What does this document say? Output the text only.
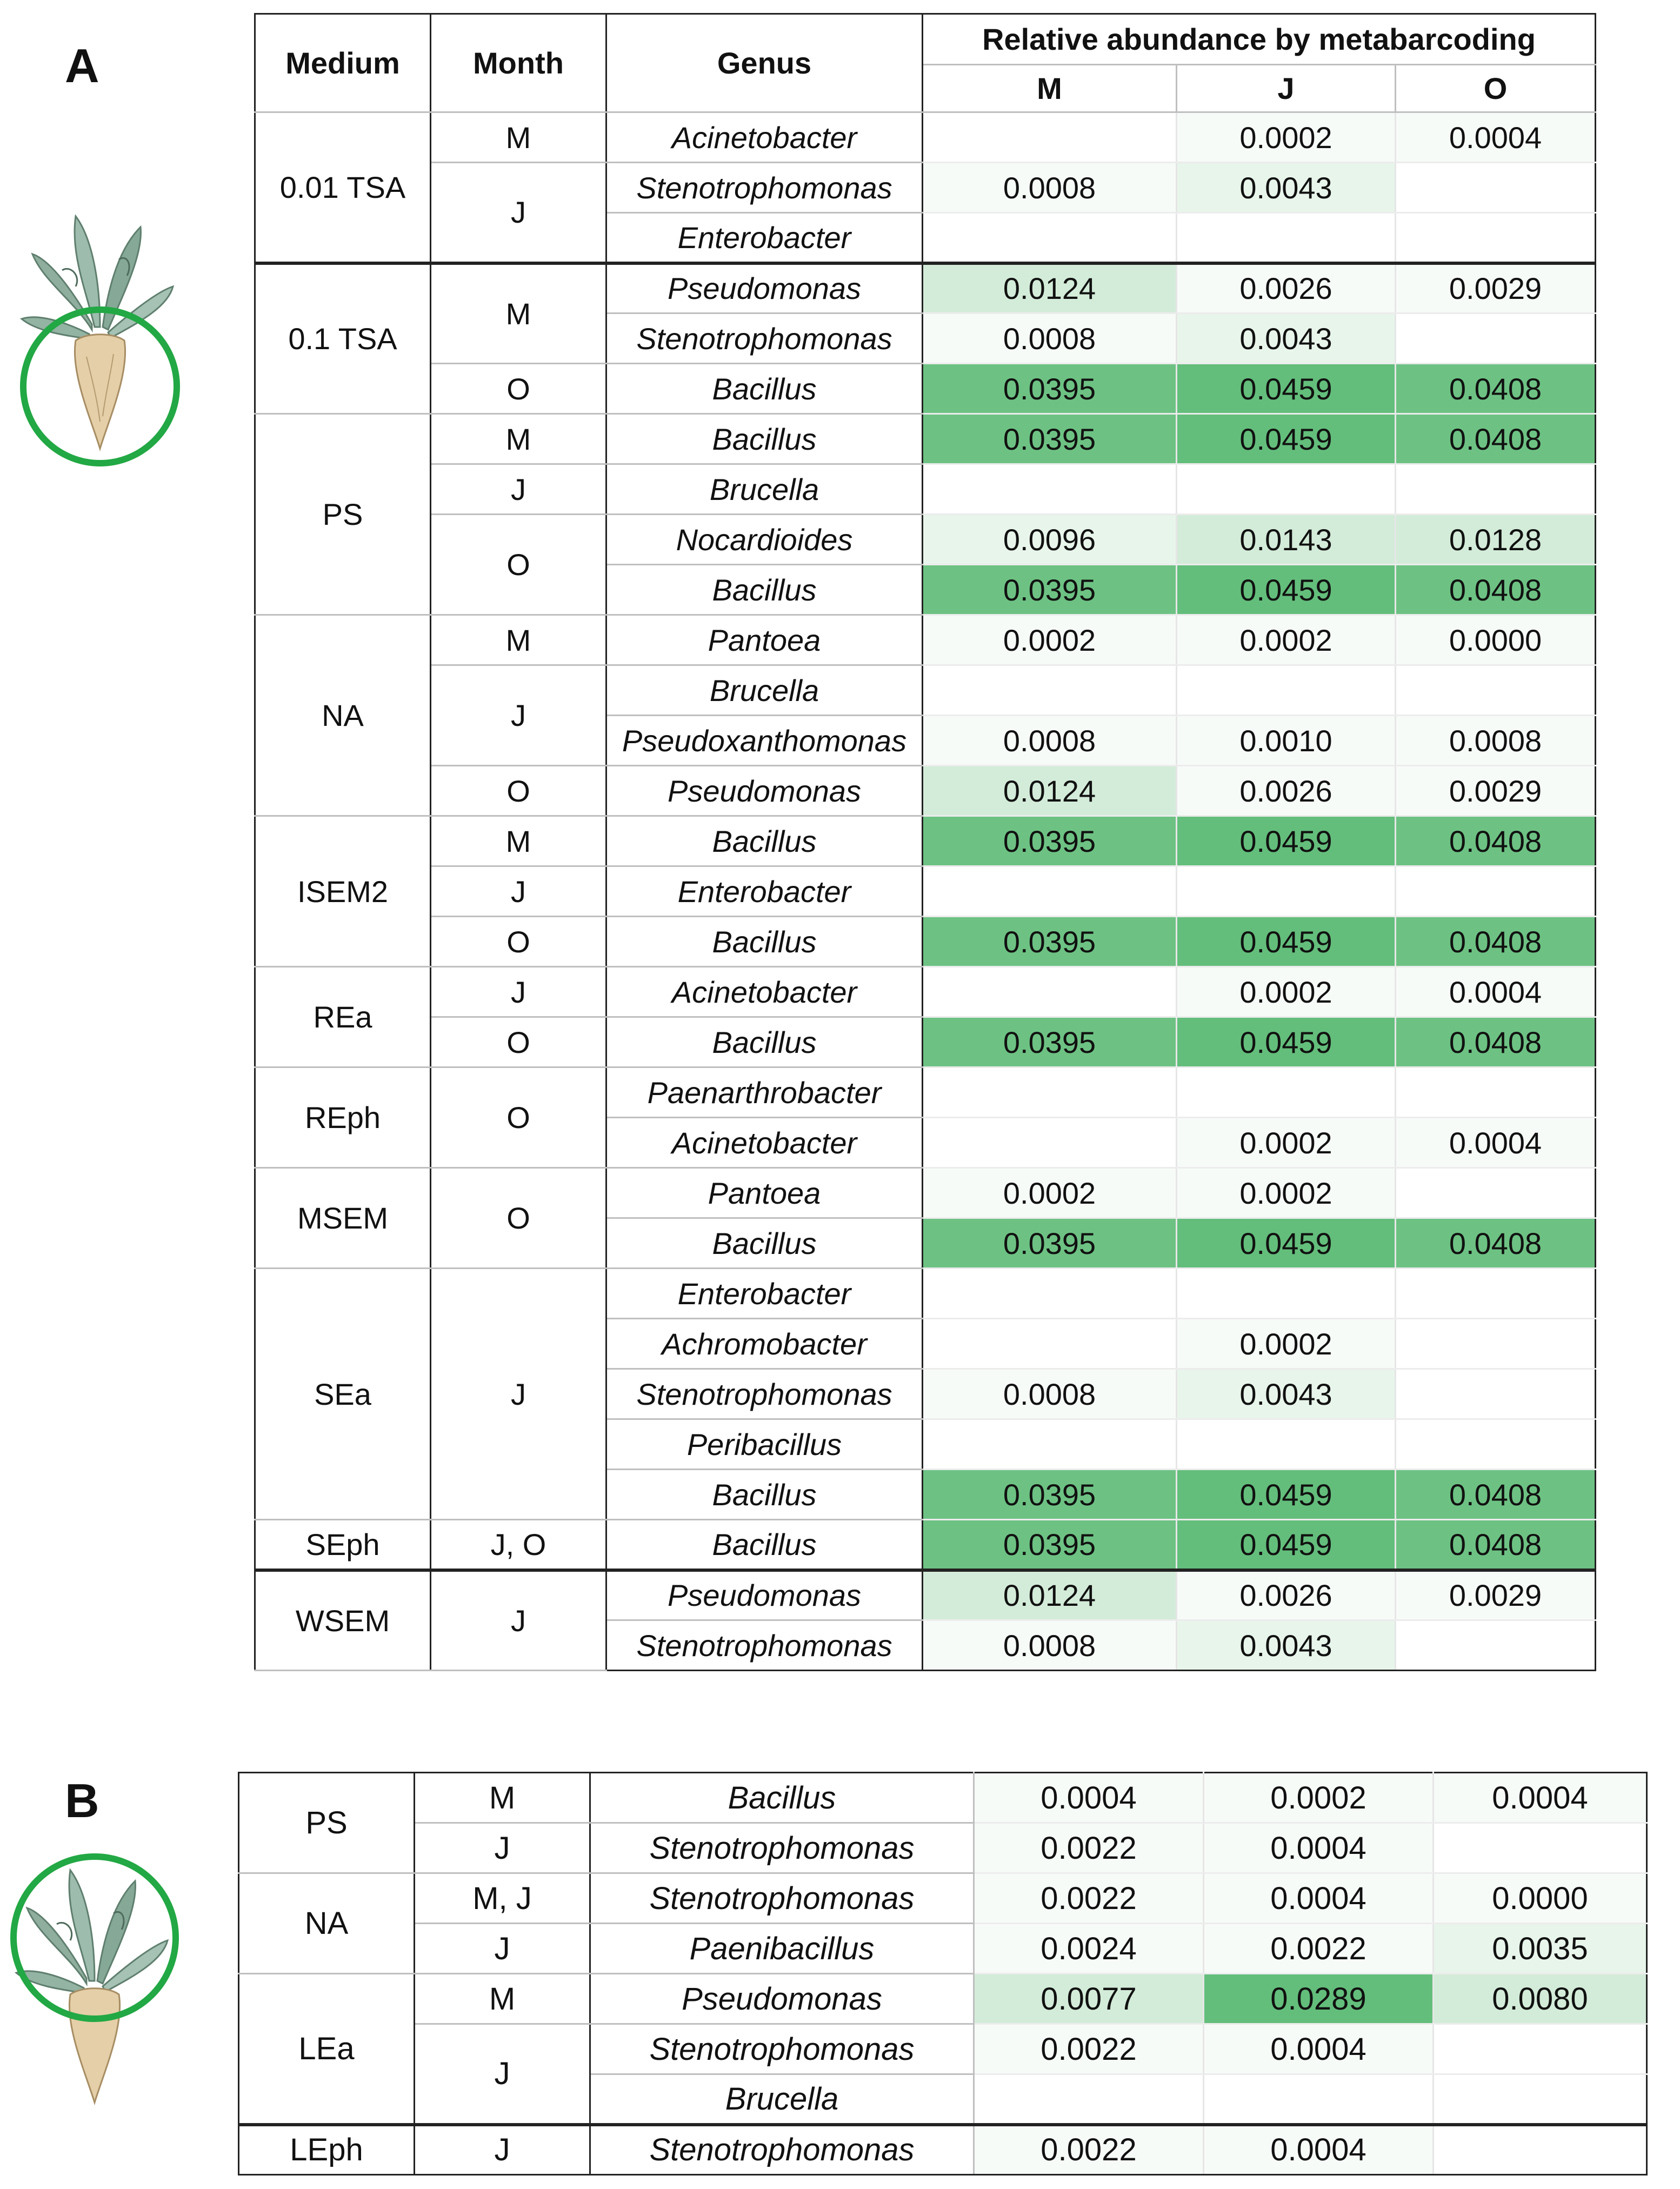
A
B
Medium	Month	Genus	Relative abundance by metabarcoding		
			M	J	O
0.01 TSA	M	Acinetobacter		0.0002	0.0004
	J	Stenotrophomonas	0.0008	0.0043	
		Enterobacter			
0.1 TSA	M	Pseudomonas	0.0124	0.0026	0.0029
		Stenotrophomonas	0.0008	0.0043	
	O	Bacillus	0.0395	0.0459	0.0408
PS	M	Bacillus	0.0395	0.0459	0.0408
	J	Brucella			
	O	Nocardioides	0.0096	0.0143	0.0128
		Bacillus	0.0395	0.0459	0.0408
NA	M	Pantoea	0.0002	0.0002	0.0000
	J	Brucella			
		Pseudoxanthomonas	0.0008	0.0010	0.0008
	O	Pseudomonas	0.0124	0.0026	0.0029
ISEM2	M	Bacillus	0.0395	0.0459	0.0408
	J	Enterobacter			
	O	Bacillus	0.0395	0.0459	0.0408
REa	J	Acinetobacter		0.0002	0.0004
	O	Bacillus	0.0395	0.0459	0.0408
REph	O	Paenarthrobacter			
		Acinetobacter		0.0002	0.0004
MSEM	O	Pantoea	0.0002	0.0002	
		Bacillus	0.0395	0.0459	0.0408
SEa	J	Enterobacter			
		Achromobacter		0.0002	
		Stenotrophomonas	0.0008	0.0043	
		Peribacillus			
		Bacillus	0.0395	0.0459	0.0408
SEph	J, O	Bacillus	0.0395	0.0459	0.0408
WSEM	J	Pseudomonas	0.0124	0.0026	0.0029
		Stenotrophomonas	0.0008	0.0043	
PS	M	Bacillus	0.0004	0.0002	0.0004
	J	Stenotrophomonas	0.0022	0.0004	
NA	M, J	Stenotrophomonas	0.0022	0.0004	0.0000
	J	Paenibacillus	0.0024	0.0022	0.0035
LEa	M	Pseudomonas	0.0077	0.0289	0.0080
	J	Stenotrophomonas	0.0022	0.0004	
		Brucella			
LEph	J	Stenotrophomonas	0.0022	0.0004	
